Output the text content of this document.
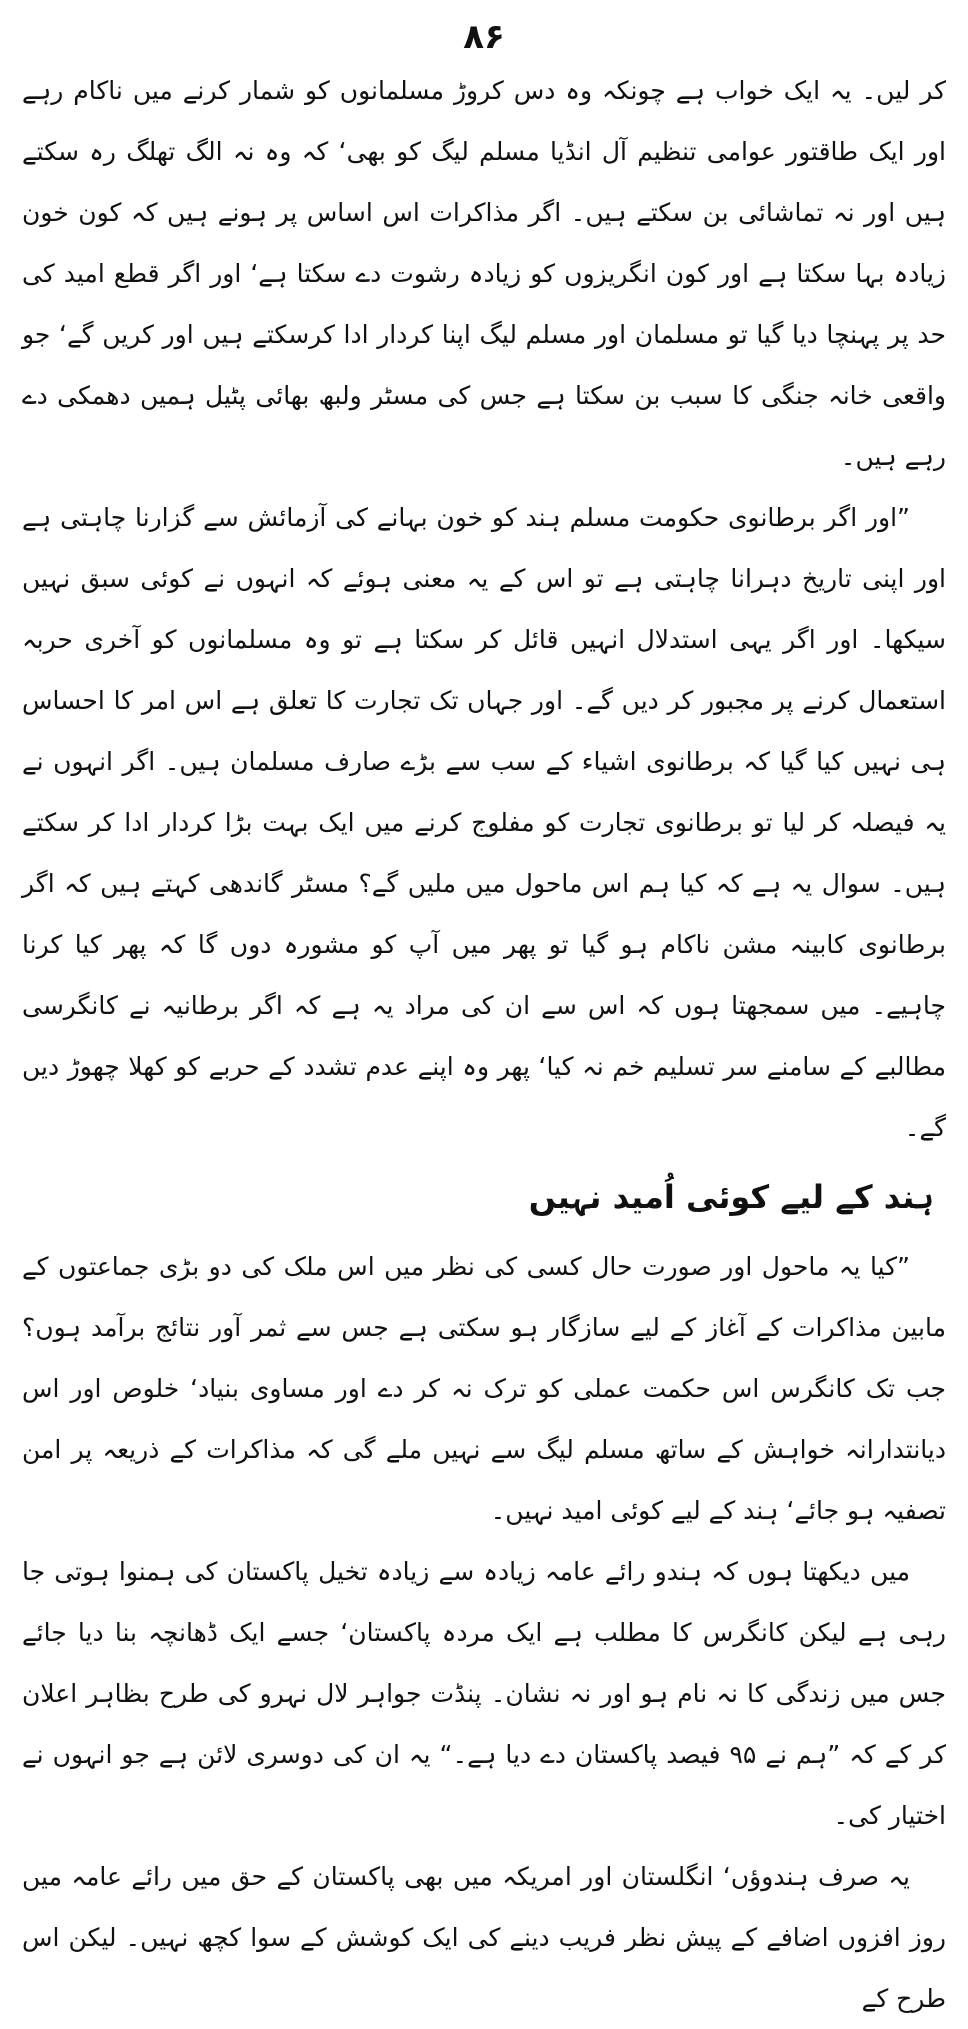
۸۶

کر لیں۔ یہ ایک خواب ہے چونکہ وہ دس کروڑ مسلمانوں کو شمار کرنے میں ناکام رہے اور ایک طاقتور عوامی تنظیم آل انڈیا مسلم لیگ کو بھی‘ کہ وہ نہ الگ تھلگ رہ سکتے ہیں اور نہ تماشائی بن سکتے ہیں۔ اگر مذاکرات اس اساس پر ہونے ہیں کہ کون خون زیادہ بہا سکتا ہے اور کون انگریزوں کو زیادہ رشوت دے سکتا ہے‘ اور اگر قطع امید کی حد پر پہنچا دیا گیا تو مسلمان اور مسلم لیگ اپنا کردار ادا کرسکتے ہیں اور کریں گے‘ جو واقعی خانہ جنگی کا سبب بن سکتا ہے جس کی مسٹر ولبھ بھائی پٹیل ہمیں دھمکی دے رہے ہیں۔

”اور اگر برطانوی حکومت مسلم ہند کو خون بہانے کی آزمائش سے گزارنا چاہتی ہے اور اپنی تاریخ دہرانا چاہتی ہے تو اس کے یہ معنی ہوئے کہ انہوں نے کوئی سبق نہیں سیکھا۔ اور اگر یہی استدلال انہیں قائل کر سکتا ہے تو وہ مسلمانوں کو آخری حربہ استعمال کرنے پر مجبور کر دیں گے۔ اور جہاں تک تجارت کا تعلق ہے اس امر کا احساس ہی نہیں کیا گیا کہ برطانوی اشیاء کے سب سے بڑے صارف مسلمان ہیں۔ اگر انہوں نے یہ فیصلہ کر لیا تو برطانوی تجارت کو مفلوج کرنے میں ایک بہت بڑا کردار ادا کر سکتے ہیں۔ سوال یہ ہے کہ کیا ہم اس ماحول میں ملیں گے؟ مسٹر گاندھی کہتے ہیں کہ اگر برطانوی کابینہ مشن ناکام ہو گیا تو پھر میں آپ کو مشورہ دوں گا کہ پھر کیا کرنا چاہیے۔ میں سمجھتا ہوں کہ اس سے ان کی مراد یہ ہے کہ اگر برطانیہ نے کانگرسی مطالبے کے سامنے سر تسلیم خم نہ کیا‘ پھر وہ اپنے عدم تشدد کے حربے کو کھلا چھوڑ دیں گے۔

ہند کے لیے کوئی اُمید نہیں

”کیا یہ ماحول اور صورت حال کسی کی نظر میں اس ملک کی دو بڑی جماعتوں کے مابین مذاکرات کے آغاز کے لیے سازگار ہو سکتی ہے جس سے ثمر آور نتائج برآمد ہوں؟ جب تک کانگرس اس حکمت عملی کو ترک نہ کر دے اور مساوی بنیاد‘ خلوص اور اس دیانتدارانہ خواہش کے ساتھ مسلم لیگ سے نہیں ملے گی کہ مذاکرات کے ذریعہ پر امن تصفیہ ہو جائے‘ ہند کے لیے کوئی امید نہیں۔

میں دیکھتا ہوں کہ ہندو رائے عامہ زیادہ سے زیادہ تخیل پاکستان کی ہمنوا ہوتی جا رہی ہے لیکن کانگرس کا مطلب ہے ایک مردہ پاکستان‘ جسے ایک ڈھانچہ بنا دیا جائے جس میں زندگی کا نہ نام ہو اور نہ نشان۔ پنڈت جواہر لال نہرو کی طرح بظاہر اعلان کر کے کہ ”ہم نے ۹۵ فیصد پاکستان دے دیا ہے۔“ یہ ان کی دوسری لائن ہے جو انہوں نے اختیار کی۔

یہ صرف ہندوؤں‘ انگلستان اور امریکہ میں بھی پاکستان کے حق میں رائے عامہ میں روز افزوں اضافے کے پیش نظر فریب دینے کی ایک کوشش کے سوا کچھ نہیں۔ لیکن اس طرح کے
